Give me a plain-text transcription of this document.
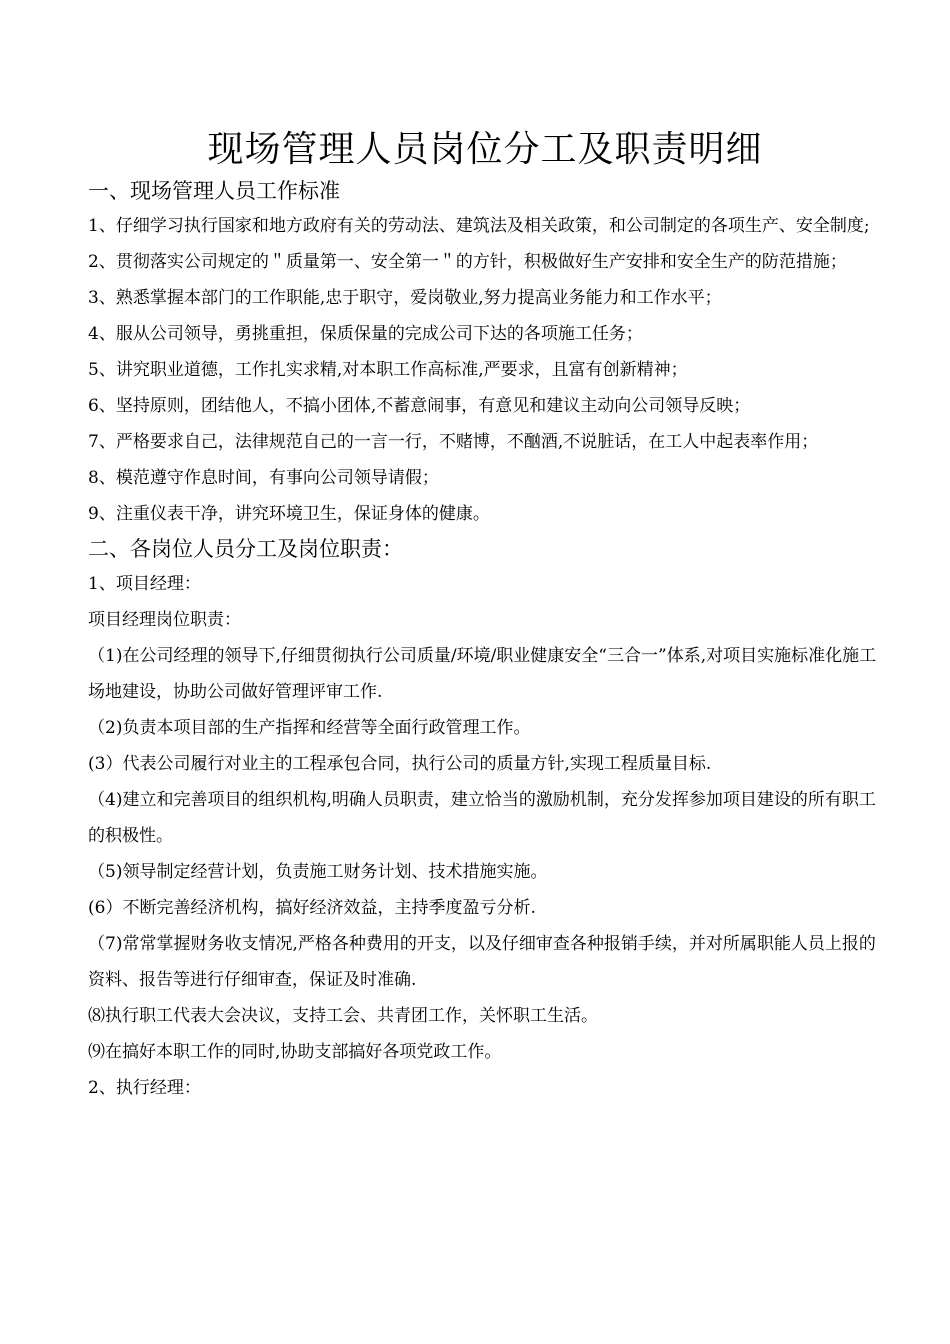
现场管理人员岗位分工及职责明细
一、现场管理人员工作标准

1、仔细学习执行国家和地方政府有关的劳动法、建筑法及相关政策，和公司制定的各项生产、安全制度;

2、贯彻落实公司规定的＂质量第一、安全第一＂的方针，积极做好生产安排和安全生产的防范措施；

3、熟悉掌握本部门的工作职能,忠于职守，爱岗敬业,努力提高业务能力和工作水平；

4、服从公司领导，勇挑重担，保质保量的完成公司下达的各项施工任务；

5、讲究职业道德，工作扎实求精,对本职工作高标准,严要求，且富有创新精神；

6、坚持原则，团结他人，不搞小团体,不蓄意闹事，有意见和建议主动向公司领导反映；

7、严格要求自己，法律规范自己的一言一行，不赌博，不酗酒,不说脏话，在工人中起表率作用；

8、模范遵守作息时间，有事向公司领导请假；

9、注重仪表干净，讲究环境卫生，保证身体的健康。

二、各岗位人员分工及岗位职责：

1、项目经理：

项目经理岗位职责：

（1)在公司经理的领导下,仔细贯彻执行公司质量/环境/职业健康安全“三合一”体系,对项目实施标准化施工场地建设，协助公司做好管理评审工作.

（2)负责本项目部的生产指挥和经营等全面行政管理工作。

(3）代表公司履行对业主的工程承包合同，执行公司的质量方针,实现工程质量目标.

（4)建立和完善项目的组织机构,明确人员职责，建立恰当的激励机制，充分发挥参加项目建设的所有职工的积极性。

（5)领导制定经营计划，负责施工财务计划、技术措施实施。

(6）不断完善经济机构，搞好经济效益，主持季度盈亏分析.

（7)常常掌握财务收支情况,严格各种费用的开支，以及仔细审查各种报销手续，并对所属职能人员上报的资料、报告等进行仔细审查，保证及时准确.

⑻执行职工代表大会决议，支持工会、共青团工作，关怀职工生活。

⑼在搞好本职工作的同时,协助支部搞好各项党政工作。

2、执行经理：
